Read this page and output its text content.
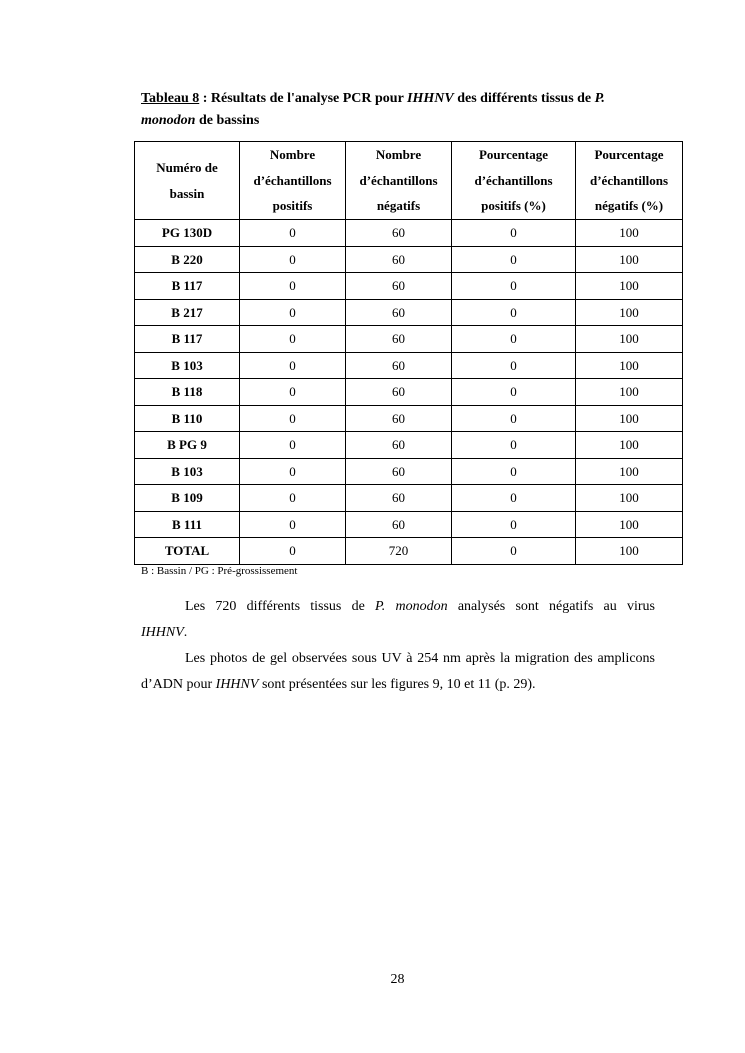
Tableau 8 : Résultats de l'analyse PCR pour IHHNV des différents tissus de P. monodon de bassins
Numéro de
bassin	Nombre
d’échantillons
positifs	Nombre
d’échantillons
négatifs	Pourcentage
d’échantillons
positifs (%)	Pourcentage
d’échantillons
négatifs (%)
PG 130D	0	60	0	100
B 220	0	60	0	100
B 117	0	60	0	100
B 217	0	60	0	100
B 117	0	60	0	100
B 103	0	60	0	100
B 118	0	60	0	100
B 110	0	60	0	100
B PG 9	0	60	0	100
B 103	0	60	0	100
B 109	0	60	0	100
B 111	0	60	0	100
TOTAL	0	720	0	100
B : Bassin / PG : Pré-grossissement
Les 720 différents tissus de P. monodon analysés sont négatifs au virus IHHNV.
Les photos de gel observées sous UV à 254 nm après la migration des amplicons d’ADN pour IHHNV sont présentées sur les figures 9, 10 et 11 (p. 29).
28
